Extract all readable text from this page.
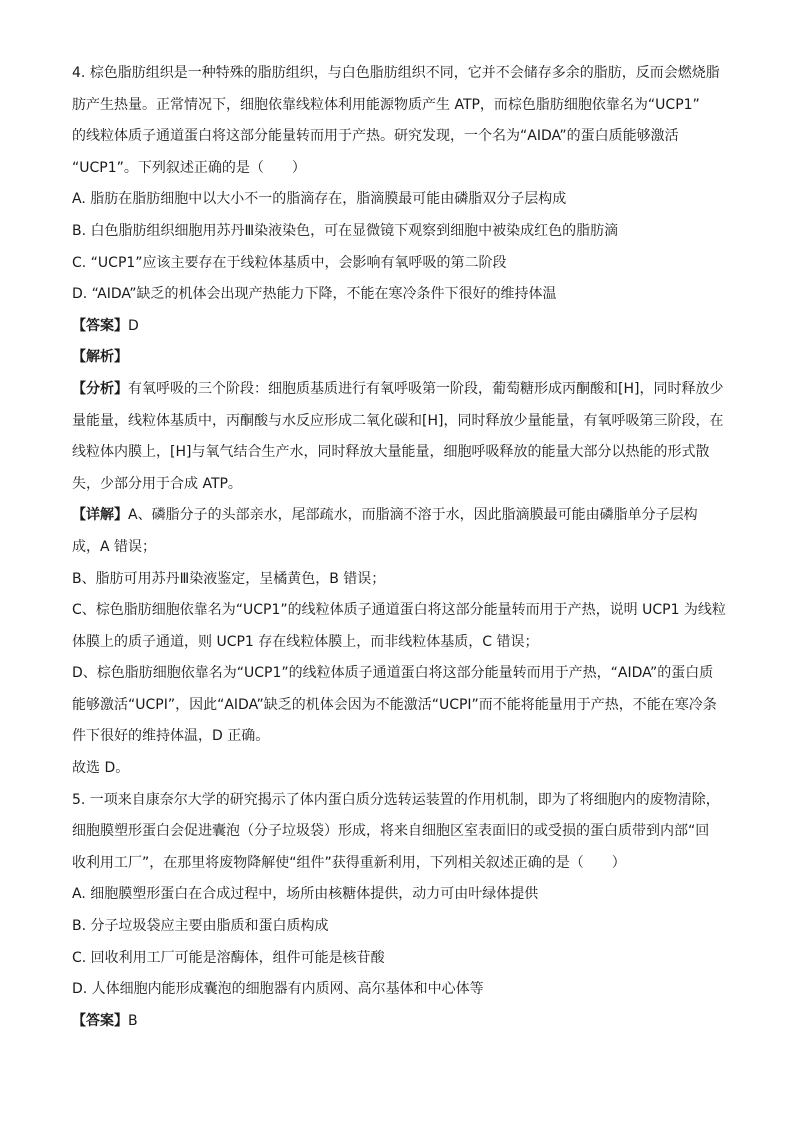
4. 棕色脂肪组织是一种特殊的脂肪组织，与白色脂肪组织不同，它并不会储存多余的脂肪，反而会燃烧脂
肪产生热量。正常情况下，细胞依靠线粒体利用能源物质产生 ATP，而棕色脂肪细胞依靠名为“UCP1”
的线粒体质子通道蛋白将这部分能量转而用于产热。研究发现，一个名为“AIDA”的蛋白质能够激活
“UCP1”。下列叙述正确的是（　　）
A. 脂肪在脂肪细胞中以大小不一的脂滴存在，脂滴膜最可能由磷脂双分子层构成
B. 白色脂肪组织细胞用苏丹Ⅲ染液染色，可在显微镜下观察到细胞中被染成红色的脂肪滴
C. “UCP1”应该主要存在于线粒体基质中，会影响有氧呼吸的第二阶段
D. “AIDA”缺乏的机体会出现产热能力下降，不能在寒冷条件下很好的维持体温
【答案】D
【解析】
【分析】有氧呼吸的三个阶段：细胞质基质进行有氧呼吸第一阶段，葡萄糖形成丙酮酸和[H]，同时释放少
量能量，线粒体基质中，丙酮酸与水反应形成二氧化碳和[H]，同时释放少量能量，有氧呼吸第三阶段，在
线粒体内膜上，[H]与氧气结合生产水，同时释放大量能量，细胞呼吸释放的能量大部分以热能的形式散
失，少部分用于合成 ATP。
【详解】A、磷脂分子的头部亲水，尾部疏水，而脂滴不溶于水，因此脂滴膜最可能由磷脂单分子层构
成，A 错误；
B、脂肪可用苏丹Ⅲ染液鉴定，呈橘黄色，B 错误；
C、棕色脂肪细胞依靠名为“UCP1”的线粒体质子通道蛋白将这部分能量转而用于产热，说明 UCP1 为线粒
体膜上的质子通道，则 UCP1 存在线粒体膜上，而非线粒体基质，C 错误；
D、棕色脂肪细胞依靠名为“UCP1”的线粒体质子通道蛋白将这部分能量转而用于产热，“AIDA”的蛋白质
能够激活“UCPI”，因此“AIDA”缺乏的机体会因为不能激活“UCPI”而不能将能量用于产热，不能在寒冷条
件下很好的维持体温，D 正确。
故选 D。
5. 一项来自康奈尔大学的研究揭示了体内蛋白质分选转运装置的作用机制，即为了将细胞内的废物清除，
细胞膜塑形蛋白会促进囊泡（分子垃圾袋）形成，将来自细胞区室表面旧的或受损的蛋白质带到内部“回
收利用工厂”，在那里将废物降解使“组件”获得重新利用，下列相关叙述正确的是（　　）
A. 细胞膜塑形蛋白在合成过程中，场所由核糖体提供，动力可由叶绿体提供
B. 分子垃圾袋应主要由脂质和蛋白质构成
C. 回收利用工厂可能是溶酶体，组件可能是核苷酸
D. 人体细胞内能形成囊泡的细胞器有内质网、高尔基体和中心体等
【答案】B
